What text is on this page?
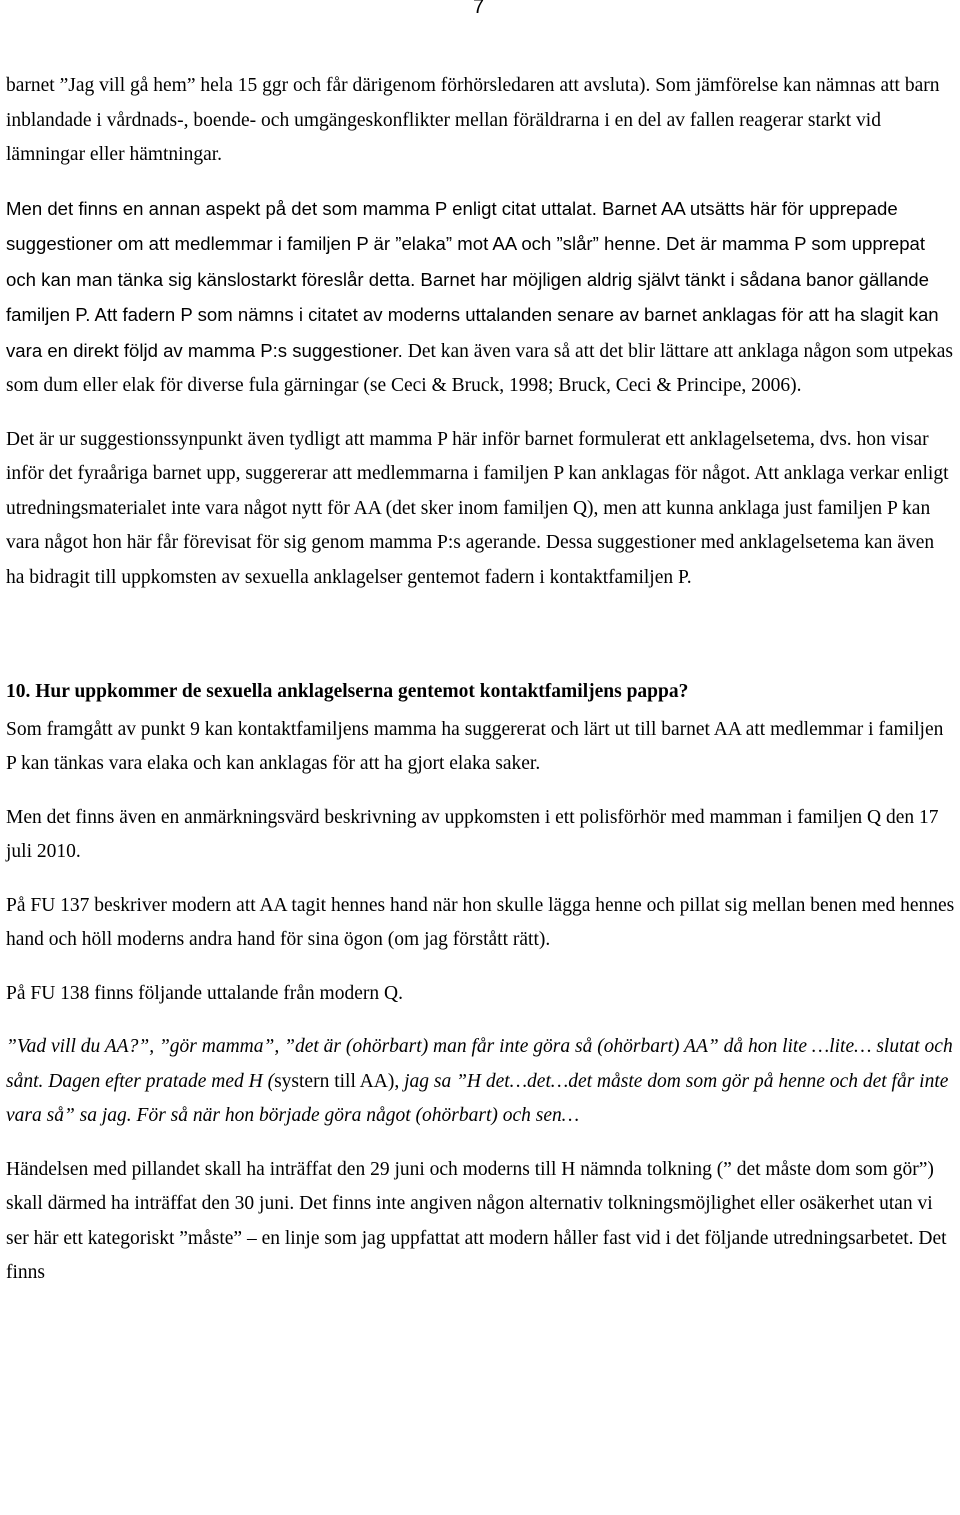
7

barnet ”Jag vill gå hem” hela 15 ggr och får därigenom förhörsledaren att avsluta). Som jämförelse kan nämnas att barn inblandade i vårdnads-, boende- och umgängeskonflikter mellan föräldrarna i en del av fallen reagerar starkt vid lämningar eller hämtningar.

Men det finns en annan aspekt på det som mamma P enligt citat uttalat. Barnet AA utsätts här för upprepade suggestioner om att medlemmar i familjen P är ”elaka” mot AA och ”slår” henne. Det är mamma P som upprepat och kan man tänka sig känslostarkt föreslår detta. Barnet har möjligen aldrig självt tänkt i sådana banor gällande familjen P. Att fadern P som nämns i citatet av moderns uttalanden senare av barnet anklagas för att ha slagit kan vara en direkt följd av mamma P:s suggestioner. Det kan även vara så att det blir lättare att anklaga någon som utpekas som dum eller elak för diverse fula gärningar (se Ceci & Bruck, 1998; Bruck, Ceci & Principe, 2006).

Det är ur suggestionssynpunkt även tydligt att mamma P här inför barnet formulerat ett anklagelsetema, dvs. hon visar inför det fyraåriga barnet upp, suggererar att medlemmarna i familjen P kan anklagas för något. Att anklaga verkar enligt utredningsmaterialet inte vara något nytt för AA (det sker inom familjen Q), men att kunna anklaga just familjen P kan vara något hon här får förevisat för sig genom mamma P:s agerande. Dessa suggestioner med anklagelsetema kan även ha bidragit till uppkomsten av sexuella anklagelser gentemot fadern i kontaktfamiljen P.

10. Hur uppkommer de sexuella anklagelserna gentemot kontaktfamiljens pappa?

Som framgått av punkt 9 kan kontaktfamiljens mamma ha suggererat och lärt ut till barnet AA att medlemmar i familjen P kan tänkas vara elaka och kan anklagas för att ha gjort elaka saker.

Men det finns även en anmärkningsvärd beskrivning av uppkomsten i ett polisförhör med mamman i familjen Q den 17 juli 2010.

På FU 137 beskriver modern att AA tagit hennes hand när hon skulle lägga henne och pillat sig mellan benen med hennes hand och höll moderns andra hand för sina ögon (om jag förstått rätt).

På FU 138 finns följande uttalande från modern Q.

”Vad vill du AA?”, ”gör mamma”, ”det är (ohörbart) man får inte göra så (ohörbart) AA” då hon lite …lite… slutat och sånt. Dagen efter pratade med H (systern till AA), jag sa ”H det…det…det måste dom som gör på henne och det får inte vara så” sa jag. För så när hon började göra något (ohörbart) och sen…

Händelsen med pillandet skall ha inträffat den 29 juni och moderns till H nämnda tolkning (” det måste dom som gör”) skall därmed ha inträffat den 30 juni. Det finns inte angiven någon alternativ tolkningsmöjlighet eller osäkerhet utan vi ser här ett kategoriskt ”måste” – en linje som jag uppfattat att modern håller fast vid i det följande utredningsarbetet. Det finns
